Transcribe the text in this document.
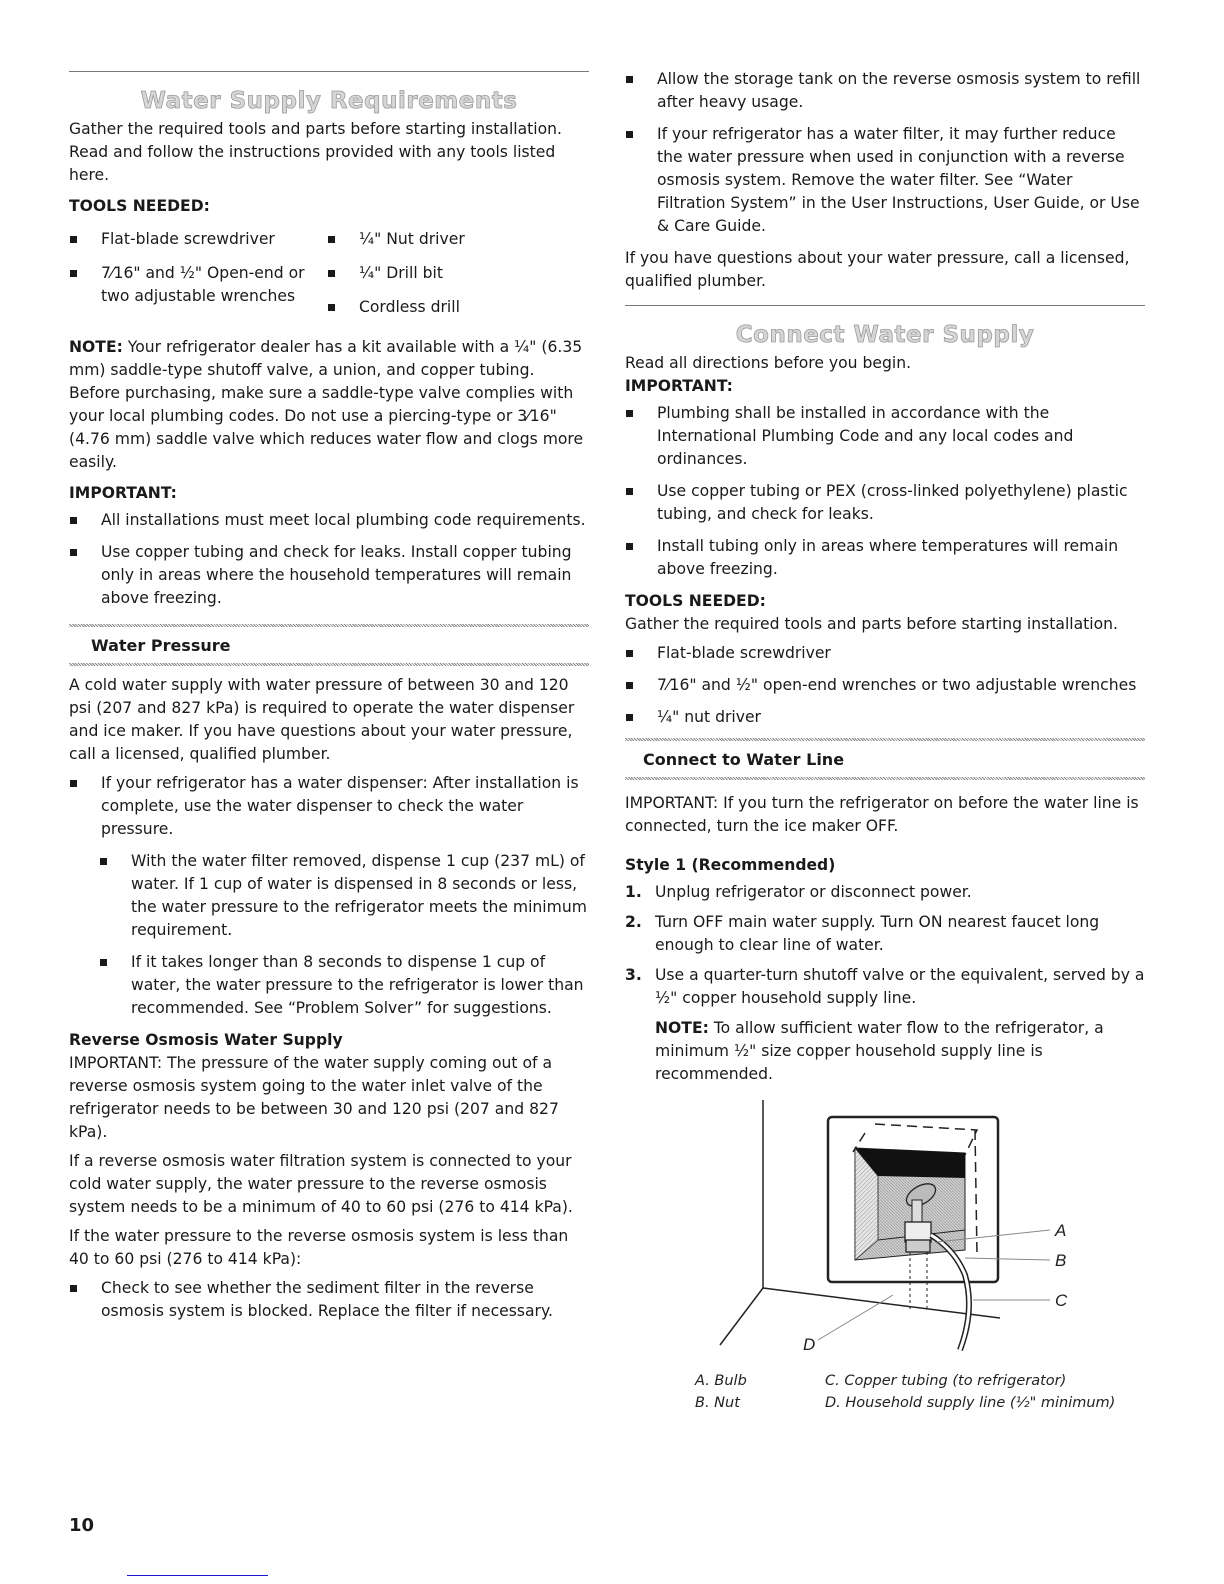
Water Supply Requirements

Gather the required tools and parts before starting installation. Read and follow the instructions provided with any tools listed here.

TOOLS NEEDED:
Flat-blade screwdriver
7⁄16" and ½" Open-end or two adjustable wrenches
¼" Nut driver
¼" Drill bit
Cordless drill

NOTE: Your refrigerator dealer has a kit available with a ¼" (6.35 mm) saddle-type shutoff valve, a union, and copper tubing. Before purchasing, make sure a saddle-type valve complies with your local plumbing codes. Do not use a piercing-type or 3⁄16" (4.76 mm) saddle valve which reduces water flow and clogs more easily.

IMPORTANT:
All installations must meet local plumbing code requirements.
Use copper tubing and check for leaks. Install copper tubing only in areas where the household temperatures will remain above freezing.
Water Pressure

A cold water supply with water pressure of between 30 and 120 psi (207 and 827 kPa) is required to operate the water dispenser and ice maker. If you have questions about your water pressure, call a licensed, qualified plumber.

If your refrigerator has a water dispenser: After installation is complete, use the water dispenser to check the water pressure.
With the water filter removed, dispense 1 cup (237 mL) of water. If 1 cup of water is dispensed in 8 seconds or less, the water pressure to the refrigerator meets the minimum requirement.
If it takes longer than 8 seconds to dispense 1 cup of water, the water pressure to the refrigerator is lower than recommended. See “Problem Solver” for suggestions.
Reverse Osmosis Water Supply

IMPORTANT: The pressure of the water supply coming out of a reverse osmosis system going to the water inlet valve of the refrigerator needs to be between 30 and 120 psi (207 and 827 kPa).

If a reverse osmosis water filtration system is connected to your cold water supply, the water pressure to the reverse osmosis system needs to be a minimum of 40 to 60 psi (276 to 414 kPa).

If the water pressure to the reverse osmosis system is less than 40 to 60 psi (276 to 414 kPa):

Check to see whether the sediment filter in the reverse osmosis system is blocked. Replace the filter if necessary.
Allow the storage tank on the reverse osmosis system to refill after heavy usage.
If your refrigerator has a water filter, it may further reduce the water pressure when used in conjunction with a reverse osmosis system. Remove the water filter. See “Water Filtration System” in the User Instructions, User Guide, or Use & Care Guide.

If you have questions about your water pressure, call a licensed, qualified plumber.

Connect Water Supply

Read all directions before you begin.

IMPORTANT:
Plumbing shall be installed in accordance with the International Plumbing Code and any local codes and ordinances.
Use copper tubing or PEX (cross-linked polyethylene) plastic tubing, and check for leaks.
Install tubing only in areas where temperatures will remain above freezing.
TOOLS NEEDED:

Gather the required tools and parts before starting installation.

Flat-blade screwdriver
7⁄16" and ½" open-end wrenches or two adjustable wrenches
¼" nut driver
Connect to Water Line

IMPORTANT: If you turn the refrigerator on before the water line is connected, turn the ice maker OFF.

Style 1 (Recommended)
1. Unplug refrigerator or disconnect power.
2. Turn OFF main water supply. Turn ON nearest faucet long enough to clear line of water.
3. Use a quarter-turn shutoff valve or the equivalent, served by a ½" copper household supply line.

NOTE: To allow sufficient water flow to the refrigerator, a minimum ½" size copper household supply line is recommended.

A
B
C
D
A. Bulb	C. Copper tubing (to refrigerator)
B. Nut	D. Household supply line (½" minimum)
10
